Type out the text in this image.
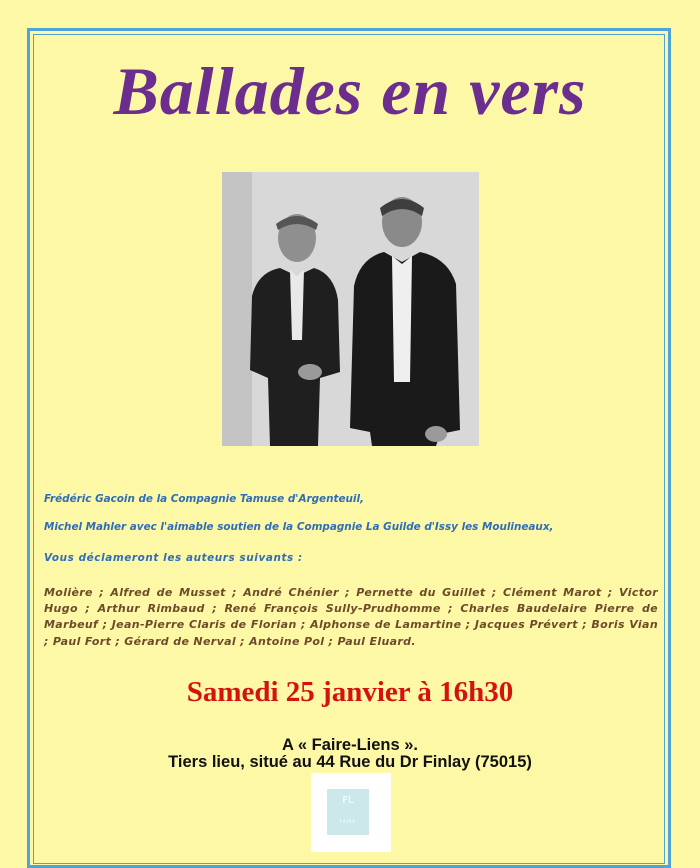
Ballades en vers
Frédéric Gacoin de la Compagnie Tamuse d'Argenteuil,
Michel Mahler avec l'aimable soutien de la Compagnie La Guilde d'Issy les Moulineaux,
Vous déclameront les auteurs suivants :
Molière ; Alfred de Musset ; André Chénier ; Pernette du Guillet ; Clément Marot ; Victor Hugo ; Arthur Rimbaud ; René François Sully-Prudhomme ; Charles Baudelaire Pierre de Marbeuf ; Jean-Pierre Claris de Florian ; Alphonse de Lamartine ; Jacques Prévert ; Boris Vian ; Paul Fort ; Gérard de Nerval ; Antoine Pol ; Paul Eluard.
Samedi 25 janvier à 16h30
A « Faire-Liens ».
Tiers lieu, situé au 44 Rue du Dr Finlay (75015)
FL
FAIRE
